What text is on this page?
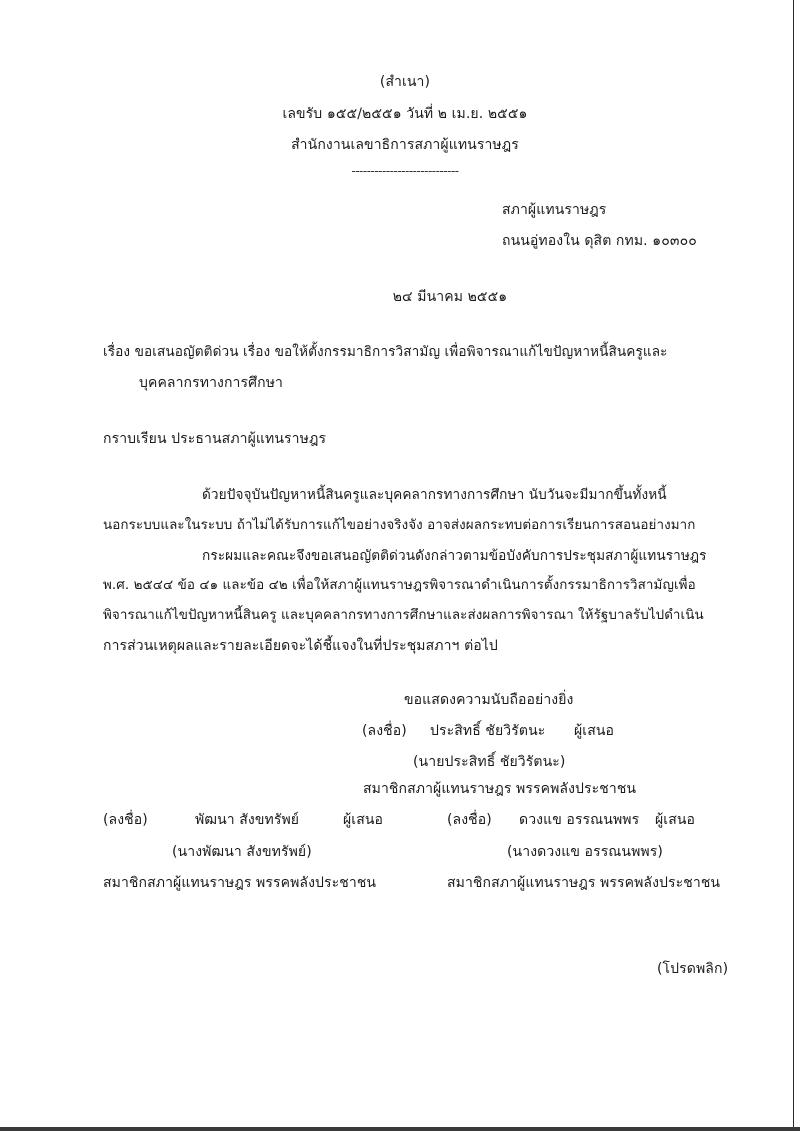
(สำเนา)
เลขรับ ๑๕๕/๒๕๕๑ วันที่ ๒ เม.ย. ๒๕๕๑
สำนักงานเลขาธิการสภาผู้แทนราษฎร
----------------------------
สภาผู้แทนราษฎร
ถนนอู่ทองใน ดุสิต กทม. ๑๐๓๐๐
๒๔ มีนาคม ๒๕๕๑
เรื่อง ขอเสนอญัตติด่วน เรื่อง ขอให้ตั้งกรรมาธิการวิสามัญ เพื่อพิจารณาแก้ไขปัญหาหนี้สินครูและ
บุคคลากรทางการศึกษา
กราบเรียน ประธานสภาผู้แทนราษฎร
ด้วยปัจจุบันปัญหาหนี้สินครูและบุคคลากรทางการศึกษา นับวันจะมีมากขึ้นทั้งหนี้
นอกระบบและในระบบ ถ้าไม่ได้รับการแก้ไขอย่างจริงจัง อาจส่งผลกระทบต่อการเรียนการสอนอย่างมาก
กระผมและคณะจึงขอเสนอญัตติด่วนดังกล่าวตามข้อบังคับการประชุมสภาผู้แทนราษฎร
พ.ศ. ๒๕๔๔ ข้อ ๔๑ และข้อ ๔๒ เพื่อให้สภาผู้แทนราษฎรพิจารณาดำเนินการตั้งกรรมาธิการวิสามัญเพื่อ
พิจารณาแก้ไขปัญหาหนี้สินครู และบุคคลากรทางการศึกษาและส่งผลการพิจารณา ให้รัฐบาลรับไปดำเนิน
การส่วนเหตุผลและรายละเอียดจะได้ชี้แจงในที่ประชุมสภาฯ ต่อไป
ขอแสดงความนับถืออย่างยิ่ง
(ลงชื่อ) ประสิทธิ์ ชัยวิรัตนะ ผู้เสนอ
(นายประสิทธิ์ ชัยวิรัตนะ)
สมาชิกสภาผู้แทนราษฎร พรรคพลังประชาชน
(ลงชื่อ)	พัฒนา สังขทรัพย์	ผู้เสนอ
(นางพัฒนา สังขทรัพย์)
สมาชิกสภาผู้แทนราษฎร พรรคพลังประชาชน
(ลงชื่อ) ดวงแข อรรณนพพร ผู้เสนอ
(นางดวงแข อรรณนพพร)
สมาชิกสภาผู้แทนราษฎร พรรคพลังประชาชน
(โปรดพลิก)
